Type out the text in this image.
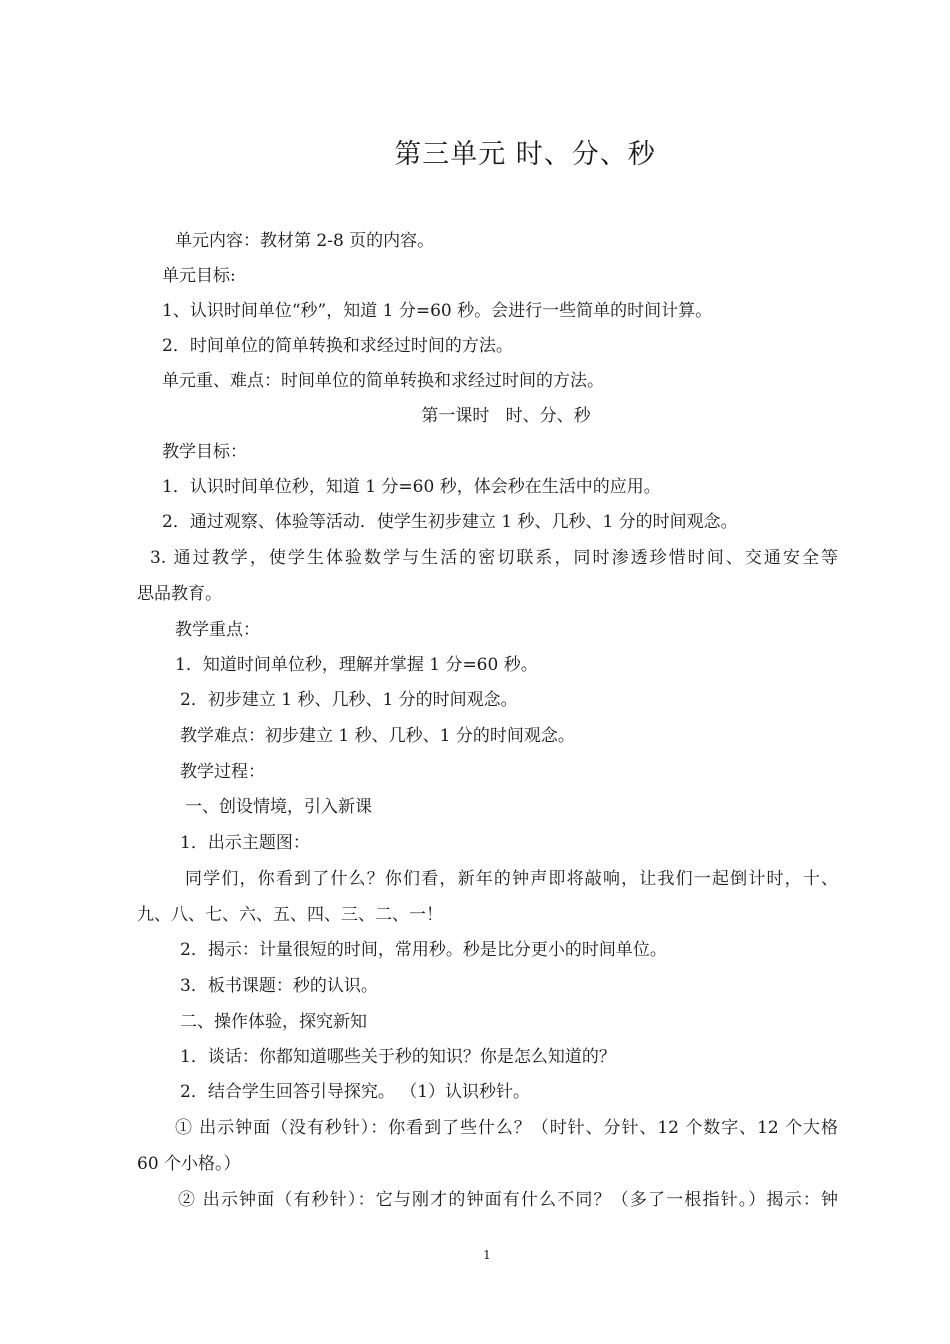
第三单元 时、分、秒
单元内容：教材第 2-8 页的内容。
单元目标:
1、认识时间单位“秒”，知道 1 分=60 秒。会进行一些简单的时间计算。
2．时间单位的简单转换和求经过时间的方法。
单元重、难点：时间单位的简单转换和求经过时间的方法。
第一课时   时、分、秒
教学目标：
1．认识时间单位秒，知道 1 分=60 秒，体会秒在生活中的应用。
2．通过观察、体验等活动．使学生初步建立 1 秒、几秒、1 分的时间观念。
3. 通过教学，使学生体验数学与生活的密切联系，同时渗透珍惜时间、交通安全等
思品教育。
教学重点：
1．知道时间单位秒，理解并掌握 1 分=60 秒。
2．初步建立 1 秒、几秒、1 分的时间观念。
教学难点：初步建立 1 秒、几秒、1 分的时间观念。
教学过程：
一、创设情境，引入新课
1．出示主题图：
同学们，你看到了什么？你们看，新年的钟声即将敲响，让我们一起倒计时，十、
九、八、七、六、五、四、三、二、一！
2．揭示：计量很短的时间，常用秒。秒是比分更小的时间单位。
3．板书课题：秒的认识。
二、操作体验，探究新知
1．谈话：你都知道哪些关于秒的知识？你是怎么知道的？
2．结合学生回答引导探究。 （1）认识秒针。
① 出示钟面（没有秒针）：你看到了些什么？（时针、分针、12 个数字、12 个大格
60 个小格。）
② 出示钟面（有秒针）：它与刚才的钟面有什么不同？（多了一根指针。）揭示：钟
1
